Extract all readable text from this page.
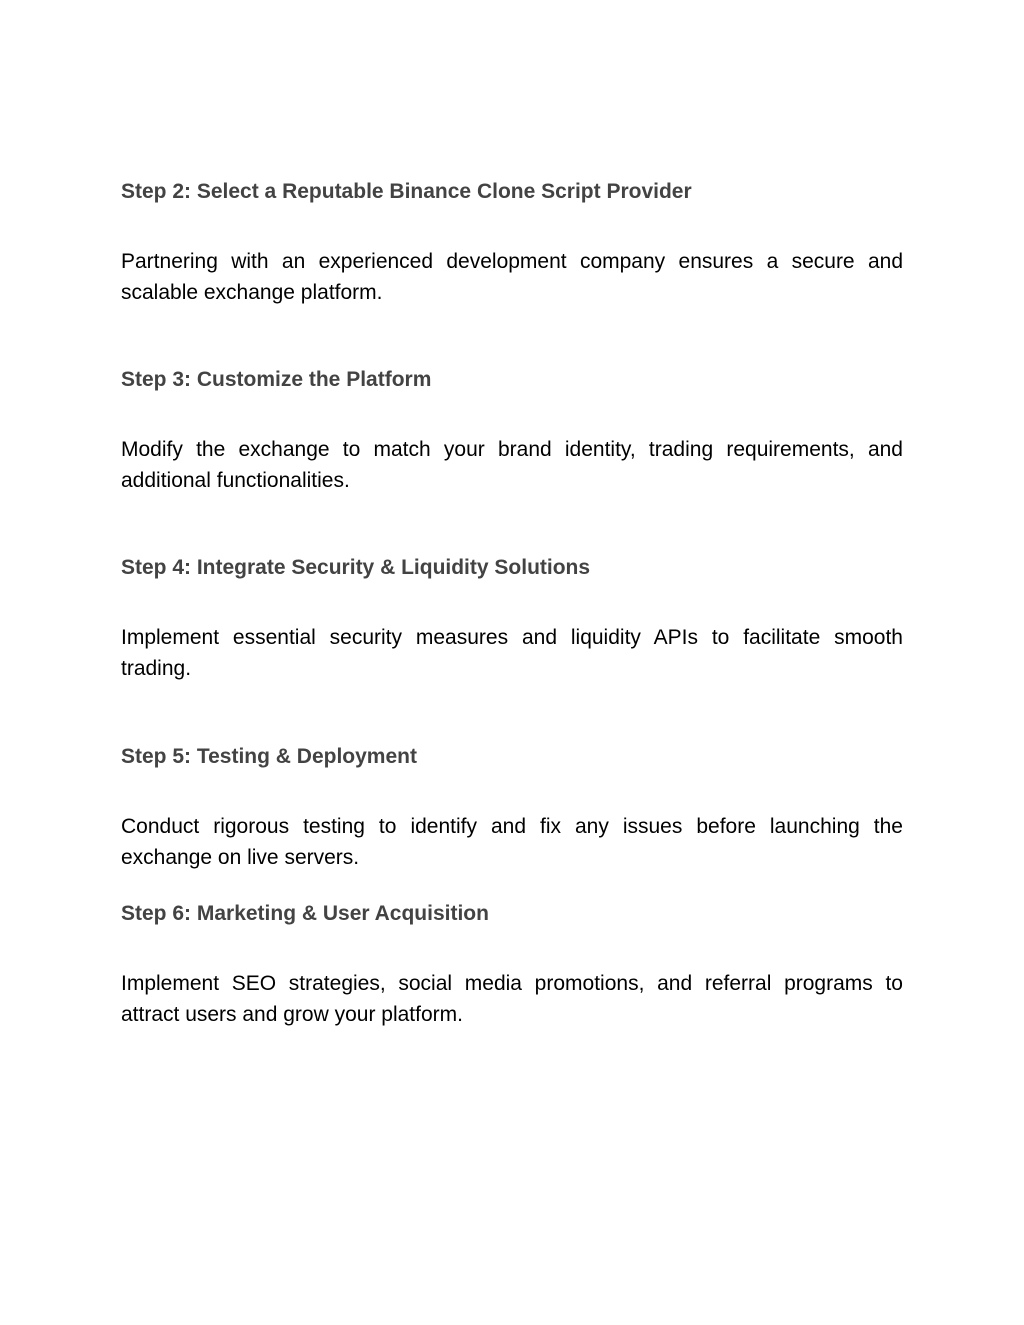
Step 2: Select a Reputable Binance Clone Script Provider

Partnering with an experienced development company ensures a secure and scalable exchange platform.

Step 3: Customize the Platform

Modify the exchange to match your brand identity, trading requirements, and additional functionalities.

Step 4: Integrate Security & Liquidity Solutions

Implement essential security measures and liquidity APIs to facilitate smooth trading.

Step 5: Testing & Deployment

Conduct rigorous testing to identify and fix any issues before launching the exchange on live servers.

Step 6: Marketing & User Acquisition

Implement SEO strategies, social media promotions, and referral programs to attract users and grow your platform.
